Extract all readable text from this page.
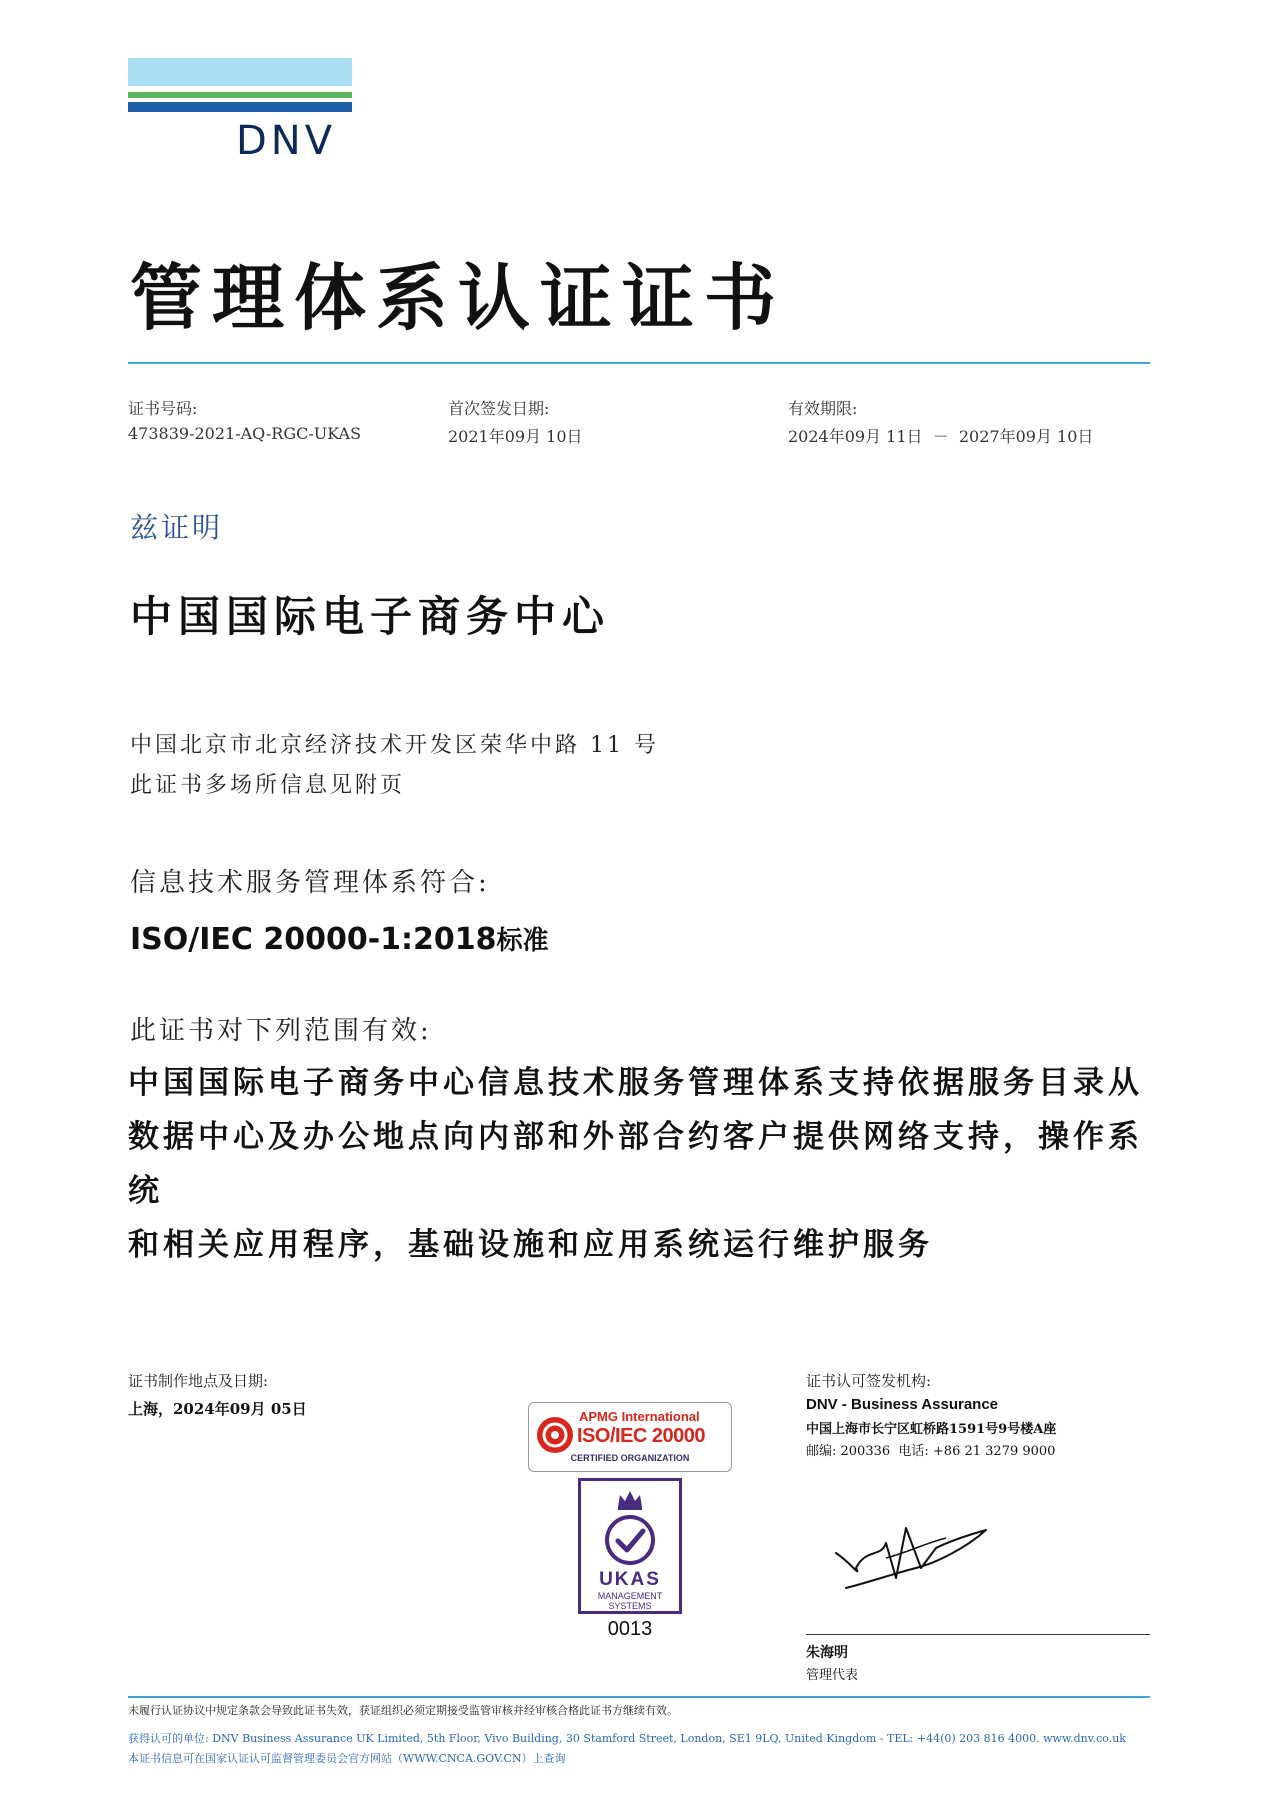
DNV
管理体系认证证书
证书号码:
473839-2021-AQ-RGC-UKAS
首次签发日期:
2021年09月 10日
有效期限:
2024年09月 11日  －  2027年09月 10日
兹证明
中国国际电子商务中心
中国北京市北京经济技术开发区荣华中路 11 号
此证书多场所信息见附页
信息技术服务管理体系符合:
ISO/IEC 20000-1:2018标准
此证书对下列范围有效:
中国国际电子商务中心信息技术服务管理体系支持依据服务目录从
数据中心及办公地点向内部和外部合约客户提供网络支持，操作系统
和相关应用程序，基础设施和应用系统运行维护服务
证书制作地点及日期:
上海，2024年09月 05日	APMG International
ISO/IEC 20000
CERTIFIED ORGANIZATION
UKAS
MANAGEMENT
SYSTEMS
0013
证书认可签发机构:
DNV - Business Assurance
中国上海市长宁区虹桥路1591号9号楼A座
邮编: 200336  电话: +86 21 3279 9000
朱海明
管理代表
未履行认证协议中规定条款会导致此证书失效，获证组织必须定期接受监管审核并经审核合格此证书方继续有效。
获得认可的单位: DNV Business Assurance UK Limited, 5th Floor, Vivo Building, 30 Stamford Street, London, SE1 9LQ, United Kingdom - TEL: +44(0) 203 816 4000. www.dnv.co.uk
本证书信息可在国家认证认可监督管理委员会官方网站（WWW.CNCA.GOV.CN）上查询
